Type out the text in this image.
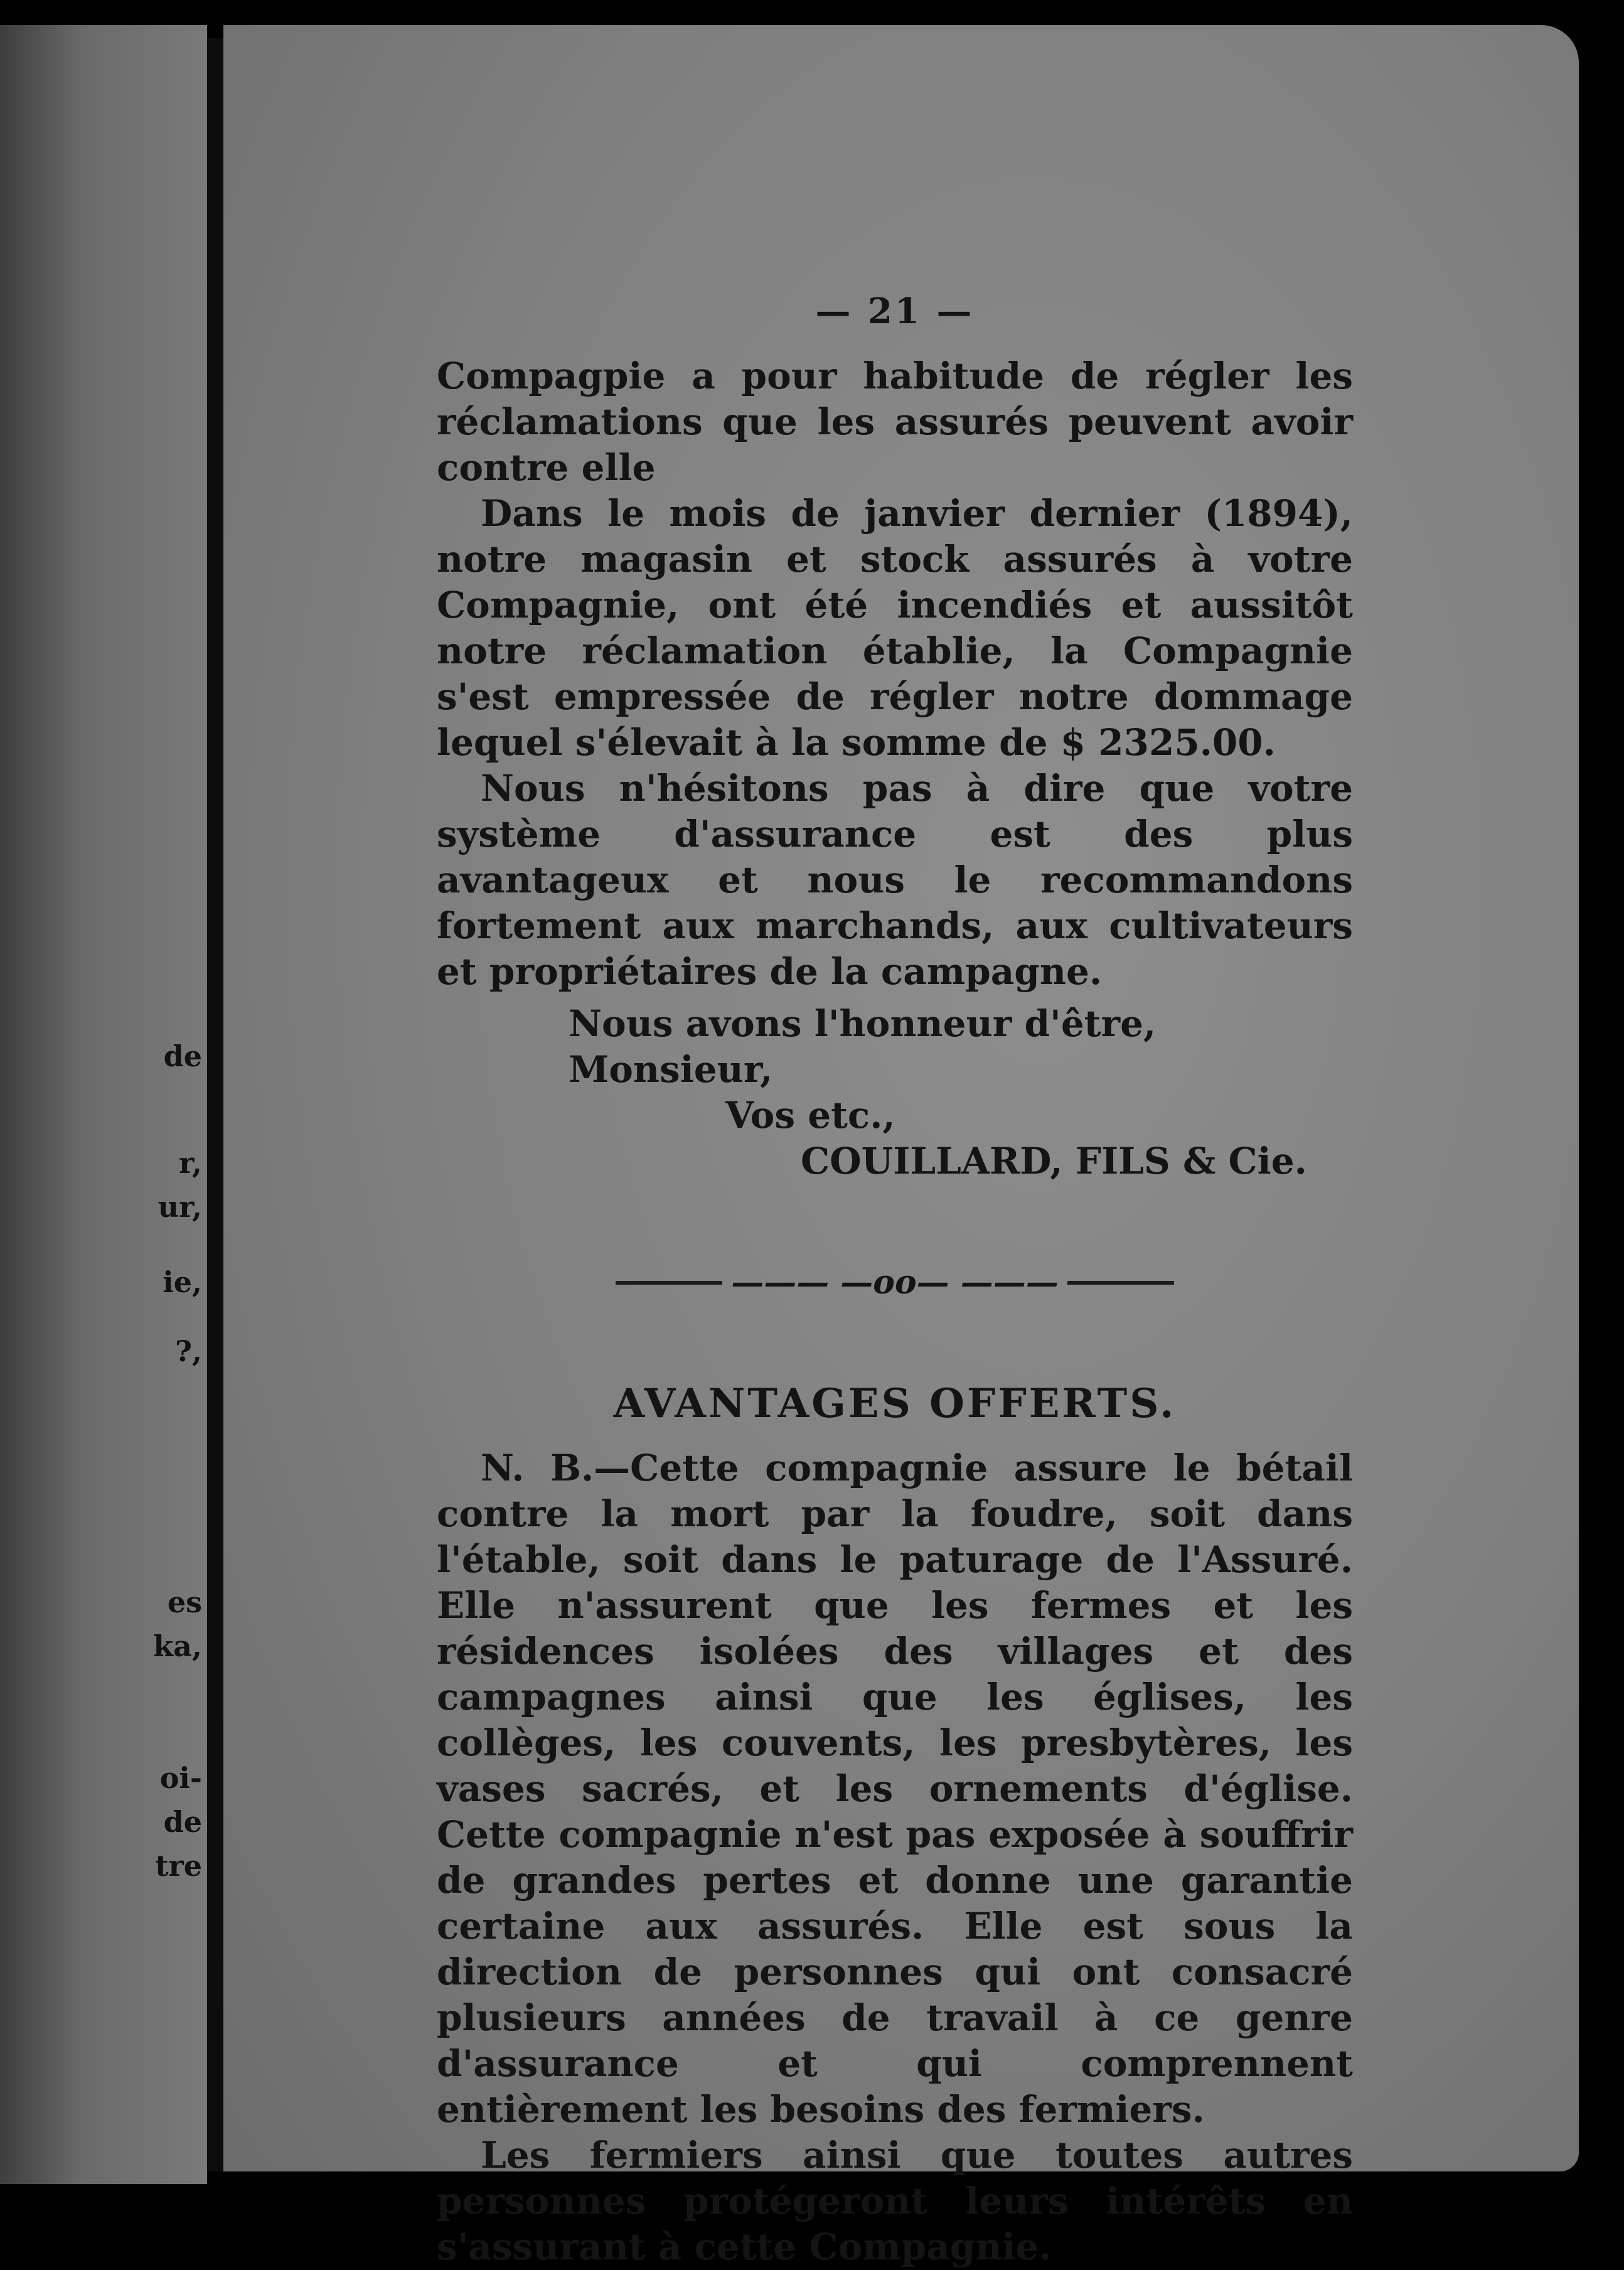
de

r,

ur,

ie,

?,

es

ka,

oi-

de

tre

— 21 —

Compagpie a pour habitude de régler les réclamations que les assurés peuvent avoir contre elle

Dans le mois de janvier dernier (1894), notre magasin et stock assurés à votre Compagnie, ont été incendiés et aussitôt notre réclamation établie, la Compagnie s'est empressée de régler notre dommage lequel s'élevait à la somme de $ 2325.00.

Nous n'hésitons pas à dire que votre système d'assurance est des plus avantageux et nous le recommandons fortement aux marchands, aux cultivateurs et propriétaires de la campagne.

Nous avons l'honneur d'être, Monsieur,
Vos etc.,
COUILLARD, FILS & Cie.
——— —oo— ———
AVANTAGES OFFERTS.

N. B.—Cette compagnie assure le bétail contre la mort par la foudre, soit dans l'étable, soit dans le paturage de l'Assuré. Elle n'assurent que les fermes et les résidences isolées des villages et des campagnes ainsi que les églises, les collèges, les couvents, les presbytères, les vases sacrés, et les ornements d'église. Cette compagnie n'est pas exposée à souffrir de grandes pertes et donne une garantie certaine aux assurés. Elle est sous la direction de personnes qui ont consacré plusieurs années de travail à ce genre d'assurance et qui comprennent entièrement les besoins des fermiers.

Les fermiers ainsi que toutes autres personnes protégeront leurs intérêts en s'assurant à cette Compagnie.
